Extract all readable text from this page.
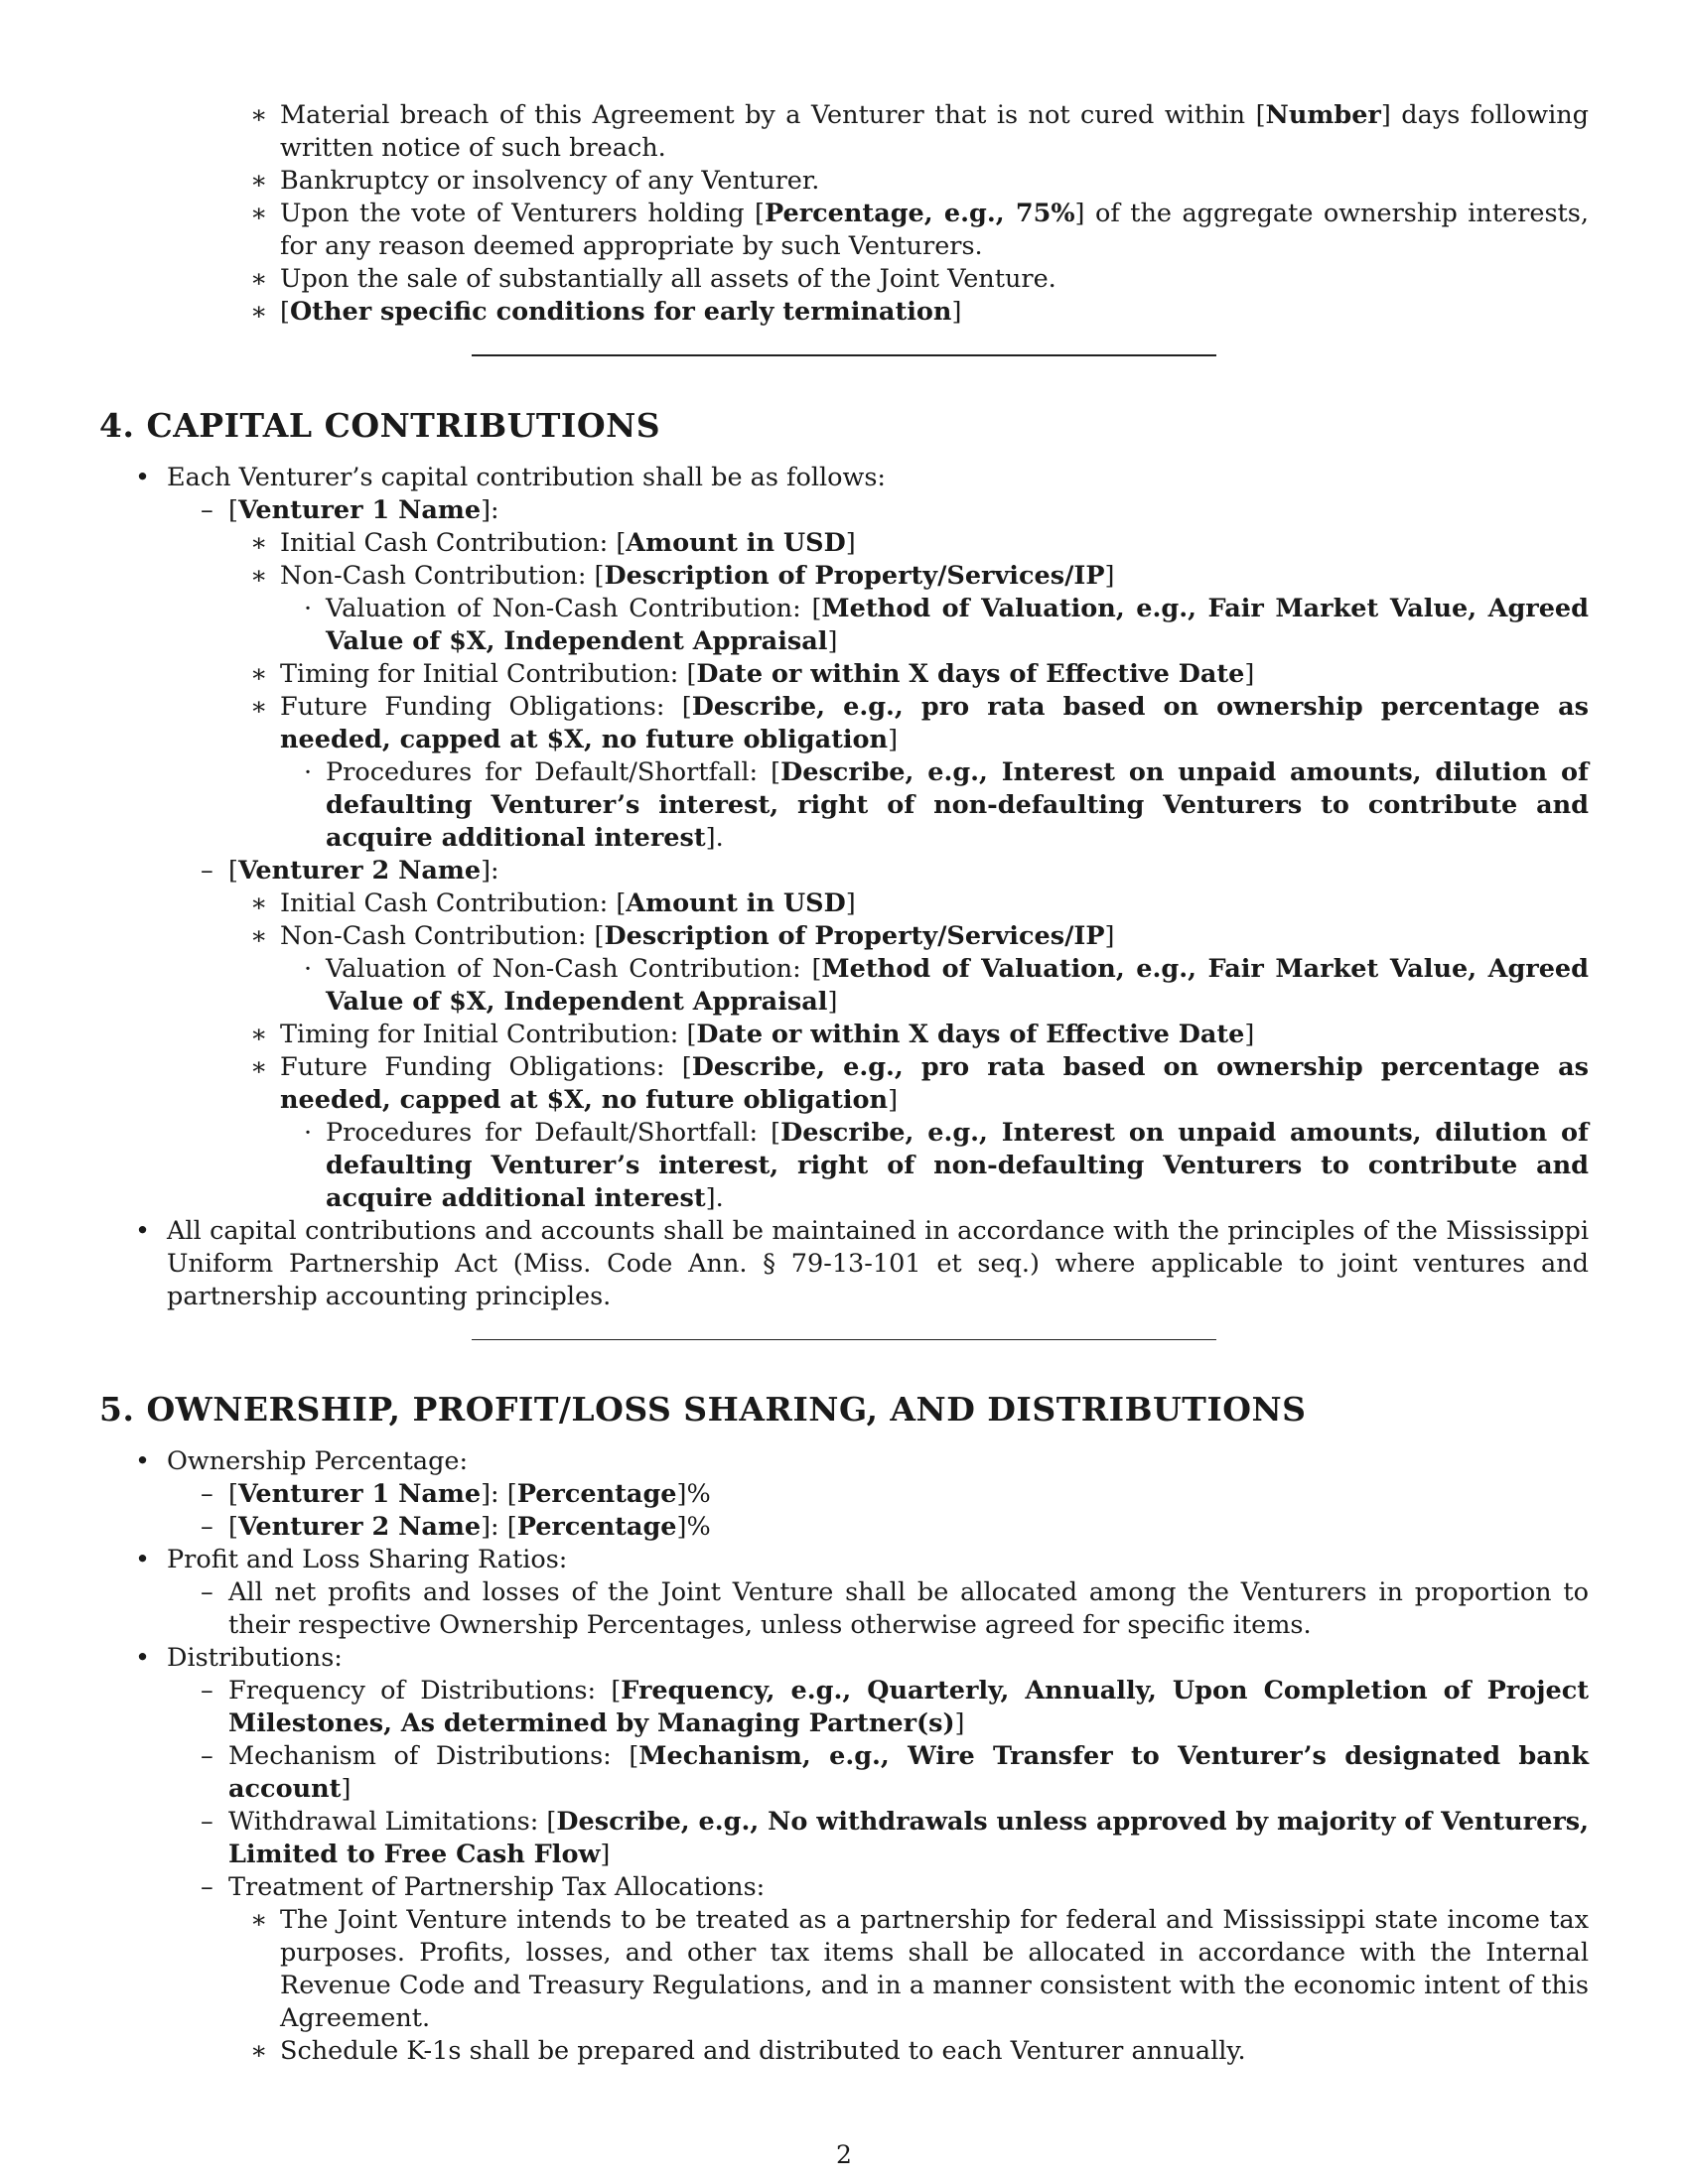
∗ Material breach of this Agreement by a Venturer that is not cured within [Number] days following written notice of such breach.
∗ Bankruptcy or insolvency of any Venturer.
∗ Upon the vote of Venturers holding [Percentage, e.g., 75%] of the aggregate ownership interests, for any reason deemed appropriate by such Venturers.
∗ Upon the sale of substantially all assets of the Joint Venture.
∗ [Other specific conditions for early termination]
4. CAPITAL CONTRIBUTIONS
• Each Venturer’s capital contribution shall be as follows:
– [Venturer 1 Name]:
∗ Initial Cash Contribution: [Amount in USD]
∗ Non-Cash Contribution: [Description of Property/Services/IP]
· Valuation of Non-Cash Contribution: [Method of Valuation, e.g., Fair Market Value, Agreed Value of $X, Independent Appraisal]
∗ Timing for Initial Contribution: [Date or within X days of Effective Date]
∗ Future Funding Obligations: [Describe, e.g., pro rata based on ownership percentage as needed, capped at $X, no future obligation]
· Procedures for Default/Shortfall: [Describe, e.g., Interest on unpaid amounts, dilution of defaulting Venturer’s interest, right of non-defaulting Venturers to contribute and acquire additional interest].
– [Venturer 2 Name]:
∗ Initial Cash Contribution: [Amount in USD]
∗ Non-Cash Contribution: [Description of Property/Services/IP]
· Valuation of Non-Cash Contribution: [Method of Valuation, e.g., Fair Market Value, Agreed Value of $X, Independent Appraisal]
∗ Timing for Initial Contribution: [Date or within X days of Effective Date]
∗ Future Funding Obligations: [Describe, e.g., pro rata based on ownership percentage as needed, capped at $X, no future obligation]
· Procedures for Default/Shortfall: [Describe, e.g., Interest on unpaid amounts, dilution of defaulting Venturer’s interest, right of non-defaulting Venturers to contribute and acquire additional interest].
• All capital contributions and accounts shall be maintained in accordance with the principles of the Mississippi Uniform Partnership Act (Miss. Code Ann. § 79-13-101 et seq.) where applicable to joint ventures and partnership accounting principles.
5. OWNERSHIP, PROFIT/LOSS SHARING, AND DISTRIBUTIONS
• Ownership Percentage:
– [Venturer 1 Name]: [Percentage]%
– [Venturer 2 Name]: [Percentage]%
• Profit and Loss Sharing Ratios:
– All net profits and losses of the Joint Venture shall be allocated among the Venturers in proportion to their respective Ownership Percentages, unless otherwise agreed for specific items.
• Distributions:
– Frequency of Distributions: [Frequency, e.g., Quarterly, Annually, Upon Completion of Project Milestones, As determined by Managing Partner(s)]
– Mechanism of Distributions: [Mechanism, e.g., Wire Transfer to Venturer’s designated bank account]
– Withdrawal Limitations: [Describe, e.g., No withdrawals unless approved by majority of Venturers, Limited to Free Cash Flow]
– Treatment of Partnership Tax Allocations:
∗ The Joint Venture intends to be treated as a partnership for federal and Mississippi state income tax purposes. Profits, losses, and other tax items shall be allocated in accordance with the Internal Revenue Code and Treasury Regulations, and in a manner consistent with the economic intent of this Agreement.
∗ Schedule K-1s shall be prepared and distributed to each Venturer annually.
2
